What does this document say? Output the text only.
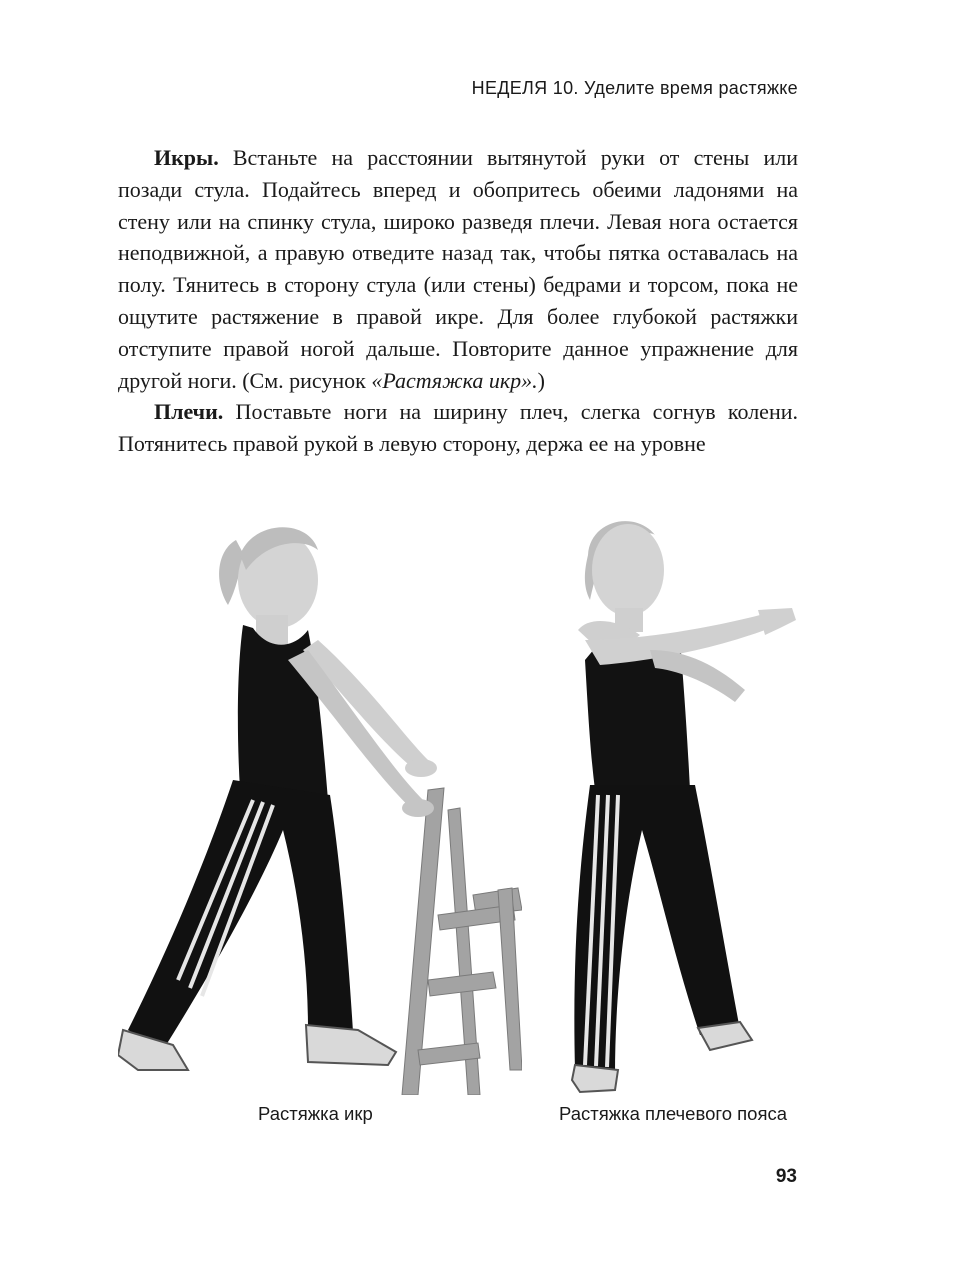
НЕДЕЛЯ 10. Уделите время растяжке

Икры. Встаньте на расстоянии вытянутой руки от стены или позади стула. Подайтесь вперед и обопритесь обеими ладонями на стену или на спинку стула, широко разведя плечи. Левая нога остается неподвижной, а правую отведите назад так, чтобы пятка оставалась на полу. Тянитесь в сторону стула (или стены) бедрами и торсом, пока не ощутите растяжение в правой икре. Для более глубокой растяжки отступите правой ногой дальше. Повторите данное упражнение для другой ноги. (См. рисунок «Растяжка икр».)

Плечи. Поставьте ноги на ширину плеч, слегка согнув колени. Потянитесь правой рукой в левую сторону, держа ее на уровне

Растяжка икр	Растяжка плечевого пояса
93
